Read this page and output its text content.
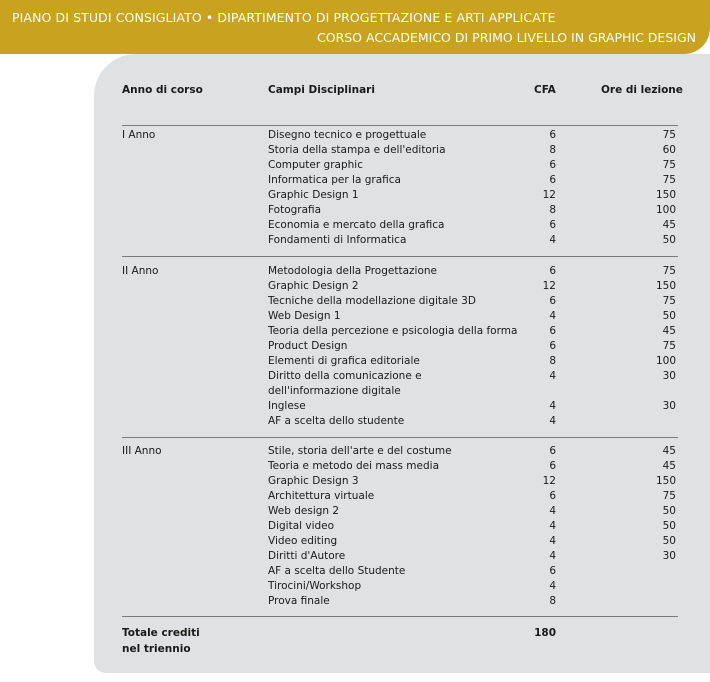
PIANO DI STUDI CONSIGLIATO • DIPARTIMENTO DI PROGETTAZIONE E ARTI APPLICATE
CORSO ACCADEMICO DI PRIMO LIVELLO IN GRAPHIC DESIGN
Anno di corso	Campi Disciplinari	CFA	Ore di lezione
I Anno	Disegno tecnico e progettuale	6	75
Storia della stampa e dell'editoria	8	60
Computer graphic	6	75
Informatica per la grafica	6	75
Graphic Design 1	12	150
Fotografia	8	100
Economia e mercato della grafica	6	45
Fondamenti di Informatica	4	50
II Anno	Metodologia della Progettazione	6	75
Graphic Design 2	12	150
Tecniche della modellazione digitale 3D	6	75
Web Design 1	4	50
Teoria della percezione e psicologia della forma	6	45
Product Design	6	75
Elementi di grafica editoriale	8	100
Diritto della comunicazione e	4	30
dell'informazione digitale
Inglese	4	30
AF a scelta dello studente	4
III Anno	Stile, storia dell'arte e del costume	6	45
Teoria e metodo dei mass media	6	45
Graphic Design 3	12	150
Architettura virtuale	6	75
Web design 2	4	50
Digital video	4	50
Video editing	4	50
Diritti d'Autore	4	30
AF a scelta dello Studente	6
Tirocini/Workshop	4
Prova finale	8
Totale crediti
nel triennio
180
